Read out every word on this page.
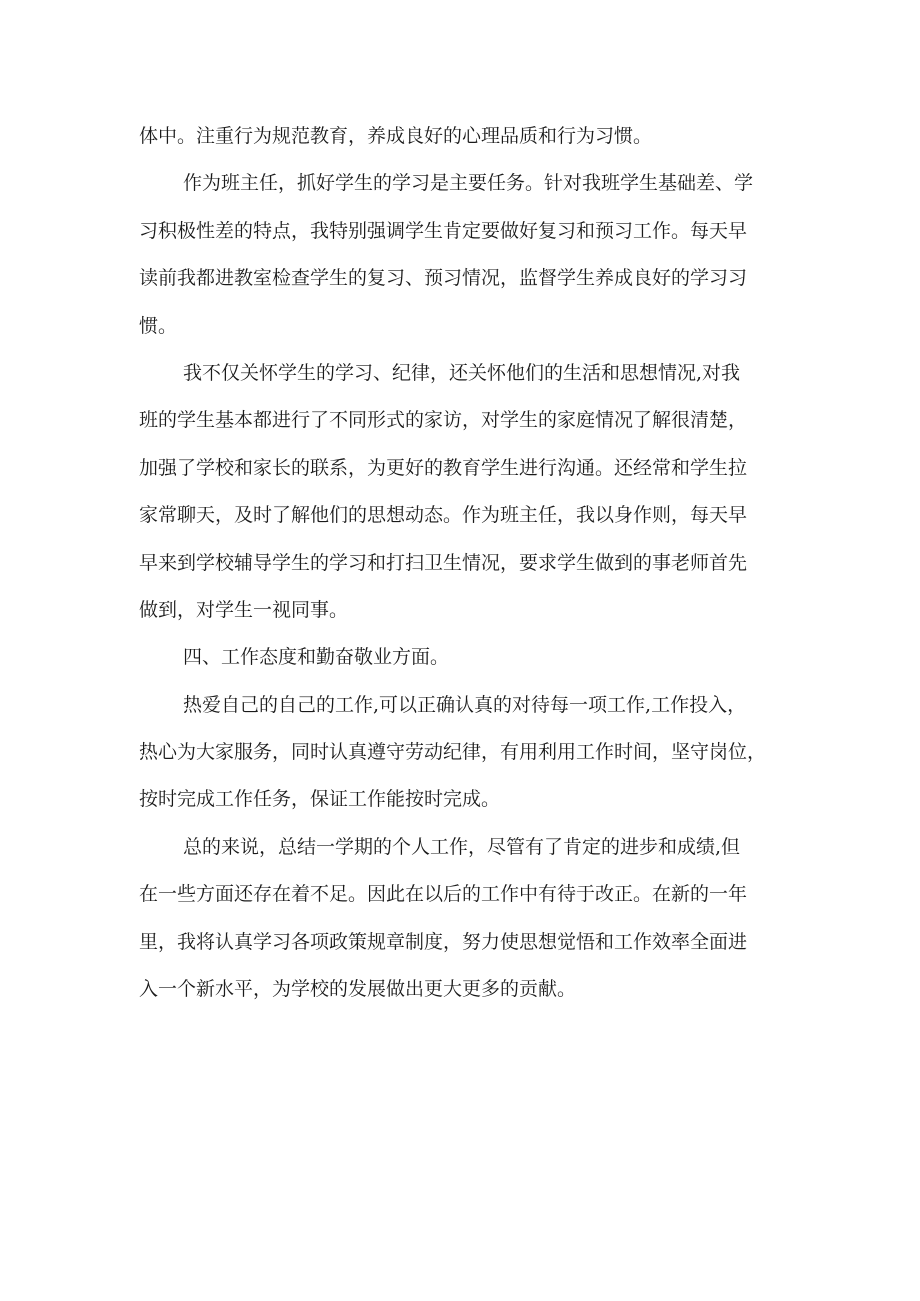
体中。注重行为规范教育，养成良好的心理品质和行为习惯。
作为班主任，抓好学生的学习是主要任务。针对我班学生基础差、学
习积极性差的特点，我特别强调学生肯定要做好复习和预习工作。每天早
读前我都进教室检查学生的复习、预习情况，监督学生养成良好的学习习
惯。
我不仅关怀学生的学习、纪律，还关怀他们的生活和思想情况,对我
班的学生基本都进行了不同形式的家访，对学生的家庭情况了解很清楚，
加强了学校和家长的联系，为更好的教育学生进行沟通。还经常和学生拉
家常聊天，及时了解他们的思想动态。作为班主任，我以身作则，每天早
早来到学校辅导学生的学习和打扫卫生情况，要求学生做到的事老师首先
做到，对学生一视同事。
四、工作态度和勤奋敬业方面。
热爱自己的自己的工作,可以正确认真的对待每一项工作,工作投入，
热心为大家服务，同时认真遵守劳动纪律，有用利用工作时间，坚守岗位，
按时完成工作任务，保证工作能按时完成。
总的来说，总结一学期的个人工作，尽管有了肯定的进步和成绩,但
在一些方面还存在着不足。因此在以后的工作中有待于改正。在新的一年
里，我将认真学习各项政策规章制度，努力使思想觉悟和工作效率全面进
入一个新水平，为学校的发展做出更大更多的贡献。
